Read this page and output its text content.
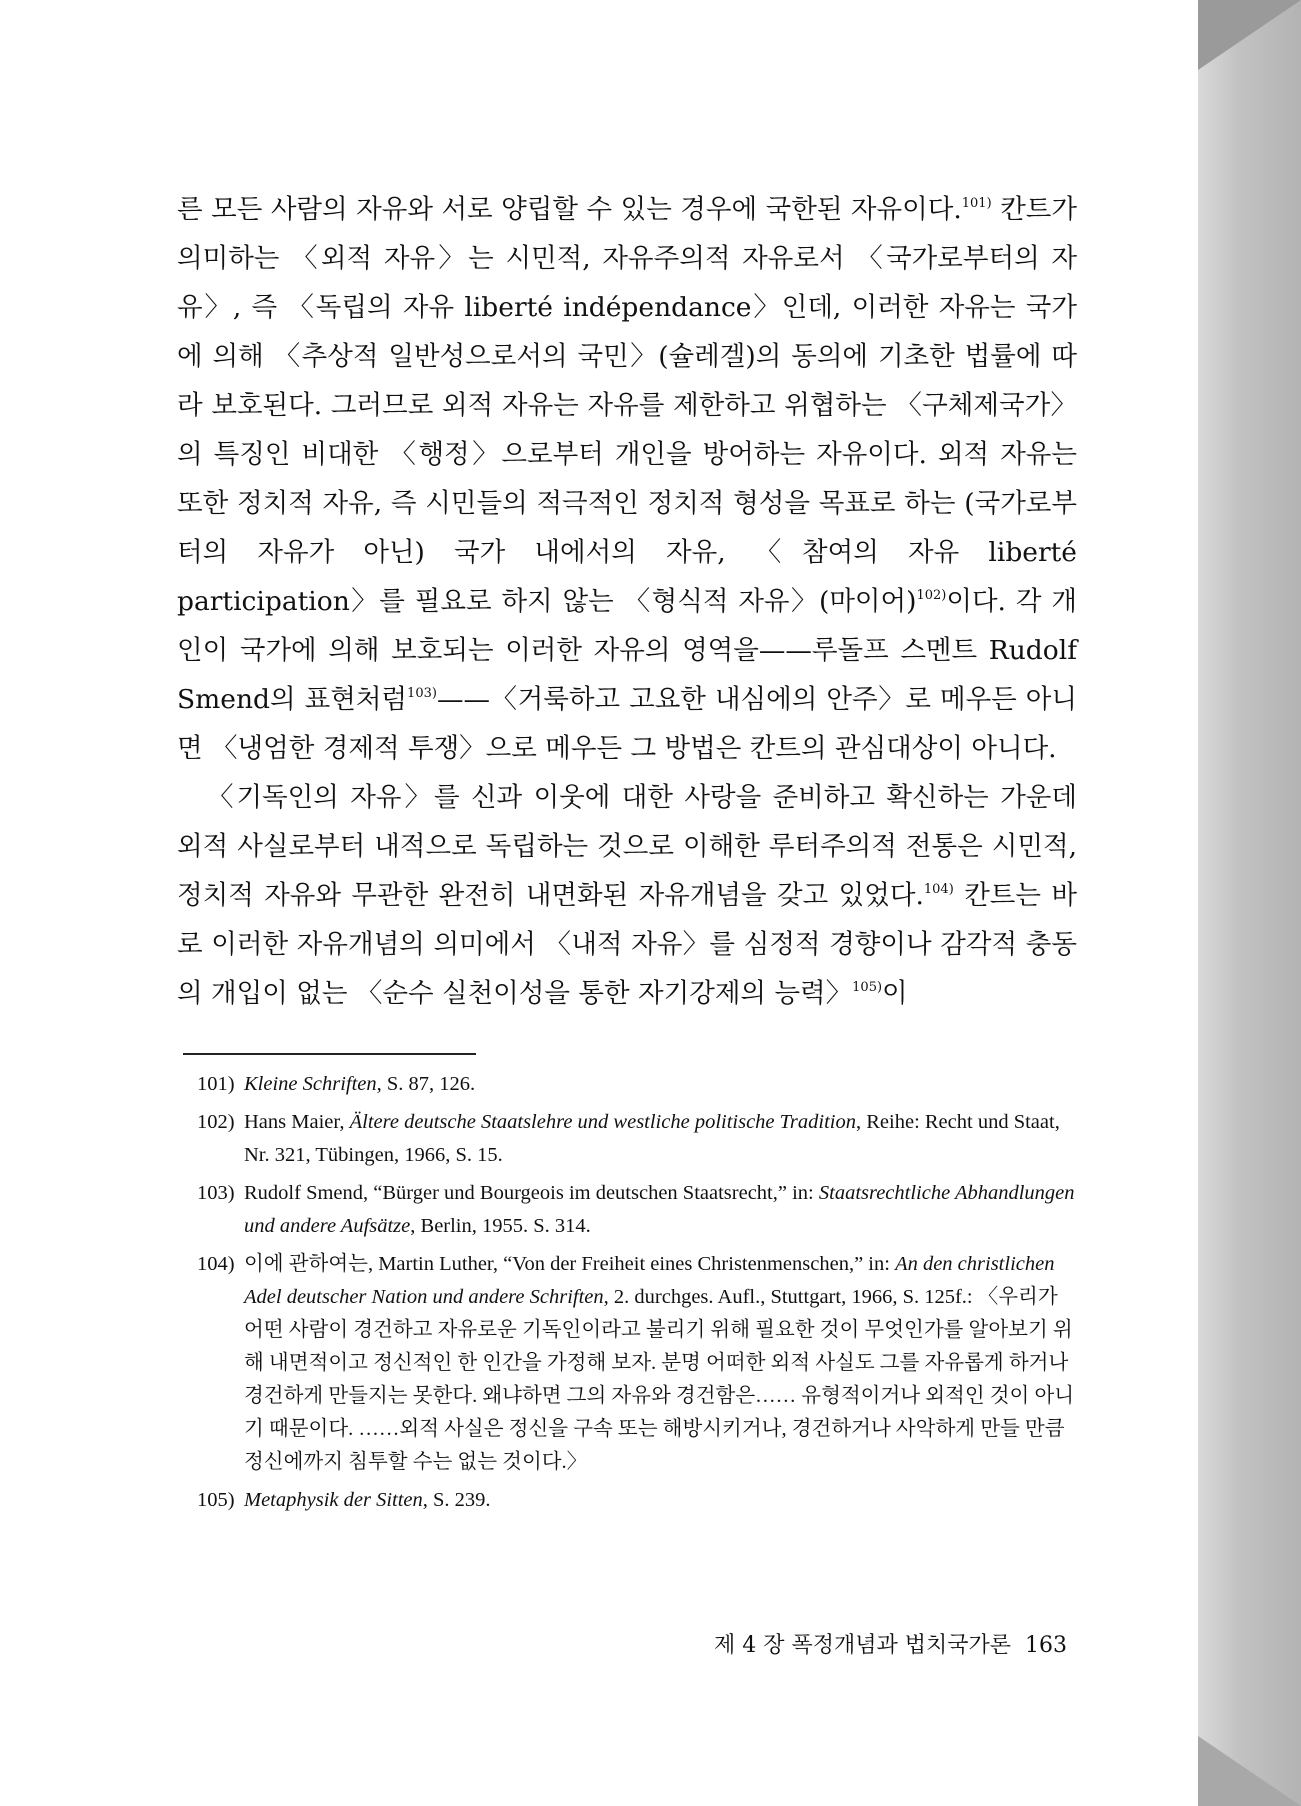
른 모든 사람의 자유와 서로 양립할 수 있는 경우에 국한된 자유이다.$^{101)}$ 칸트가 의미하는 〈외적 자유〉는 시민적, 자유주의적 자유로서 〈국가로부터의 자유〉, 즉 〈독립의 자유 liberté indépendance〉인데, 이러한 자유는 국가에 의해 〈추상적 일반성으로서의 국민〉(슐레겔)의 동의에 기초한 법률에 따라 보호된다. 그러므로 외적 자유는 자유를 제한하고 위협하는 〈구체제국가〉의 특징인 비대한 〈행정〉으로부터 개인을 방어하는 자유이다. 외적 자유는 또한 정치적 자유, 즉 시민들의 적극적인 정치적 형성을 목표로 하는 (국가로부터의 자유가 아닌) 국가 내에서의 자유, 〈참여의 자유 liberté participation〉를 필요로 하지 않는 〈형식적 자유〉(마이어)$^{102)}$이다. 각 개인이 국가에 의해 보호되는 이러한 자유의 영역을——루돌프 스멘트 Rudolf Smend의 표현처럼$^{103)}$——〈거룩하고 고요한 내심에의 안주〉로 메우든 아니면 〈냉엄한 경제적 투쟁〉으로 메우든 그 방법은 칸트의 관심대상이 아니다.

〈기독인의 자유〉를 신과 이웃에 대한 사랑을 준비하고 확신하는 가운데 외적 사실로부터 내적으로 독립하는 것으로 이해한 루터주의적 전통은 시민적, 정치적 자유와 무관한 완전히 내면화된 자유개념을 갖고 있었다.$^{104)}$ 칸트는 바로 이러한 자유개념의 의미에서 〈내적 자유〉를 심정적 경향이나 감각적 충동의 개입이 없는 〈순수 실천이성을 통한 자기강제의 능력〉$^{105)}$이

101) Kleine Schriften, S. 87, 126.
102) Hans Maier, Ältere deutsche Staatslehre und westliche politische Tradition, Reihe: Recht und Staat, Nr. 321, Tübingen, 1966, S. 15.
103) Rudolf Smend, “Bürger und Bourgeois im deutschen Staatsrecht,” in: Staatsrechtliche Abhandlungen und andere Aufsätze, Berlin, 1955. S. 314.
104) 이에 관하여는, Martin Luther, “Von der Freiheit eines Christenmenschen,” in: An den christlichen Adel deutscher Nation und andere Schriften, 2. durchges. Aufl., Stuttgart, 1966, S. 125f.: 〈우리가 어떤 사람이 경건하고 자유로운 기독인이라고 불리기 위해 필요한 것이 무엇인가를 알아보기 위해 내면적이고 정신적인 한 인간을 가정해 보자. 분명 어떠한 외적 사실도 그를 자유롭게 하거나 경건하게 만들지는 못한다. 왜냐하면 그의 자유와 경건함은…… 유형적이거나 외적인 것이 아니기 때문이다. ……외적 사실은 정신을 구속 또는 해방시키거나, 경건하거나 사악하게 만들 만큼 정신에까지 침투할 수는 없는 것이다.〉
105) Metaphysik der Sitten, S. 239.
제 4 장 폭정개념과 법치국가론 163
